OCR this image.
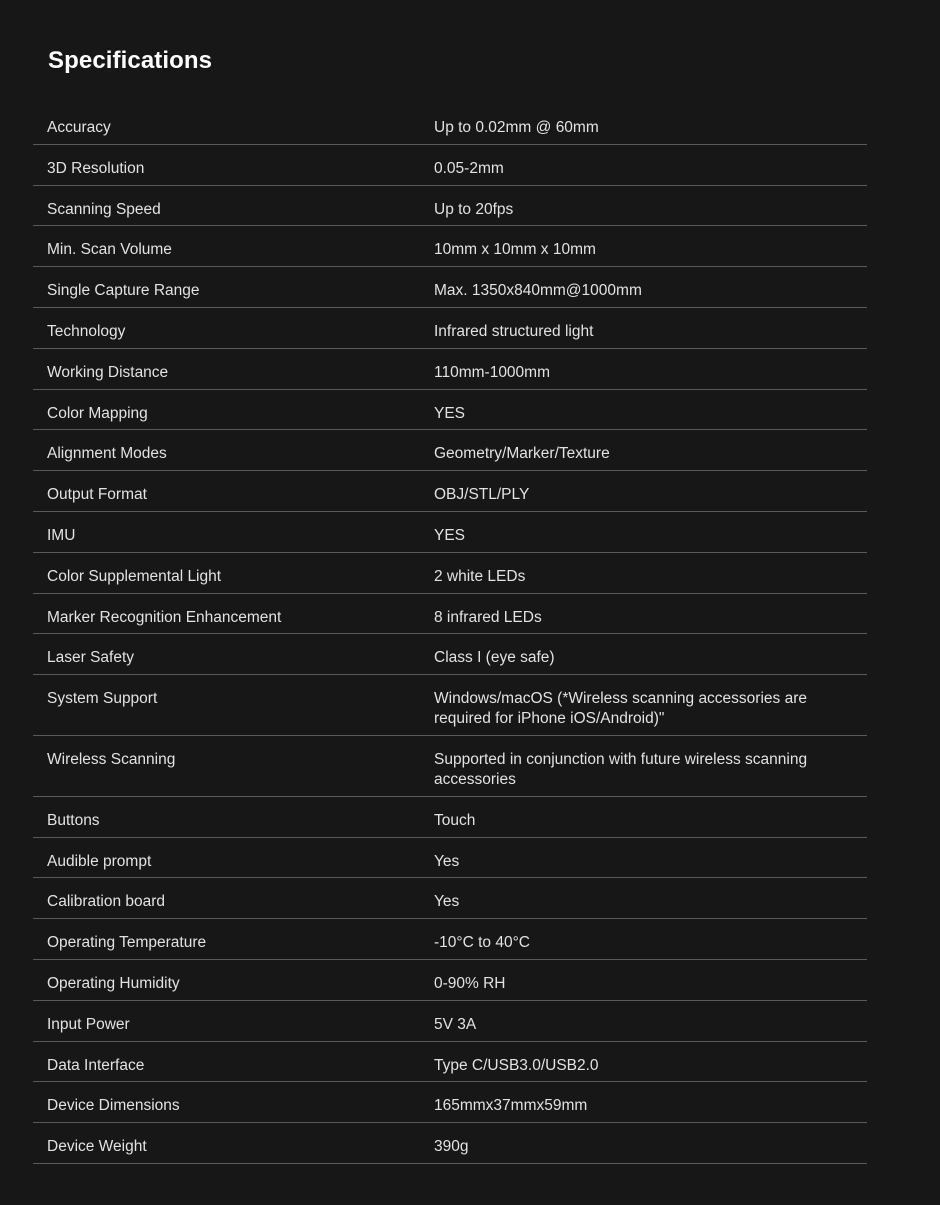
Specifications
Accuracy	Up to 0.02mm @ 60mm
3D Resolution	0.05-2mm
Scanning Speed	Up to 20fps
Min. Scan Volume	10mm x 10mm x 10mm
Single Capture Range	Max. 1350x840mm@1000mm
Technology	Infrared structured light
Working Distance	110mm-1000mm
Color Mapping	YES
Alignment Modes	Geometry/Marker/Texture
Output Format	OBJ/STL/PLY
IMU	YES
Color Supplemental Light	2 white LEDs
Marker Recognition Enhancement	8 infrared LEDs
Laser Safety	Class I (eye safe)
System Support	Windows/macOS (*Wireless scanning accessories are required for iPhone iOS/Android)"
Wireless Scanning	Supported in conjunction with future wireless scanning accessories
Buttons	Touch
Audible prompt	Yes
Calibration board	Yes
Operating Temperature	-10°C to 40°C
Operating Humidity	0-90% RH
Input Power	5V 3A
Data Interface	Type C/USB3.0/USB2.0
Device Dimensions	165mmx37mmx59mm
Device Weight	390g
